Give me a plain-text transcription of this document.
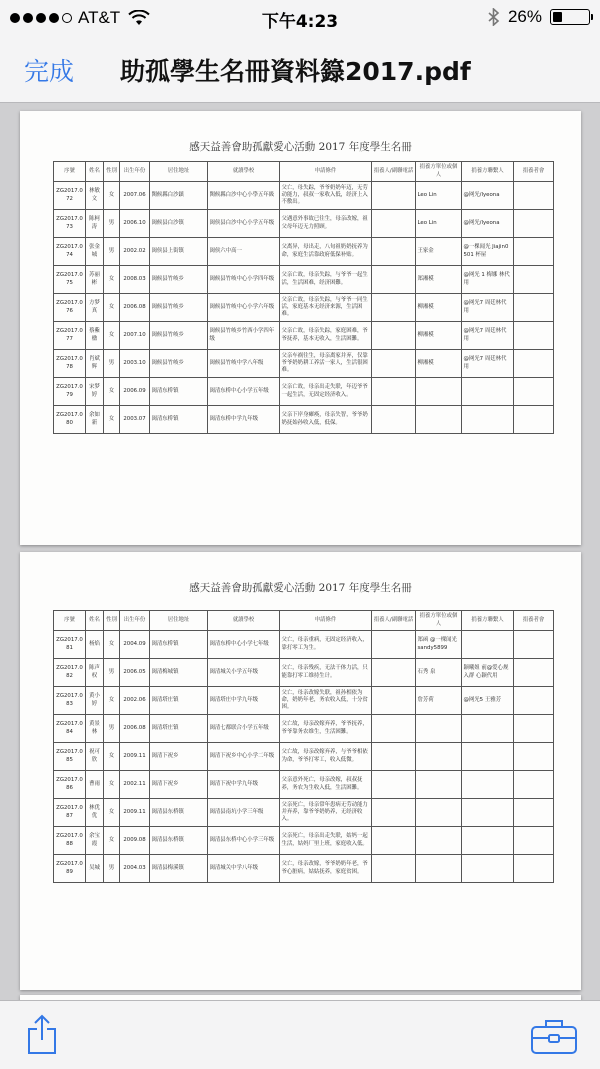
AT&T	下午4:23	26%
完成 助孤學生名冊資料籙2017.pdf
感天益善會助孤獻愛心活動 2017 年度學生名冊
序號	姓名	性別	出生年份	居住地址	就讀學校	申請條件	捐養人/副聯電話	捐養方單位或個人	捐養方聯繫人	捐養者會
ZG2017.072	林敏文	女	2007.06	閩候縣白沙鎮	閩候縣白沙中心小學五年級	父亡，母失踪，爷爷奶奶年迈，无劳动能力，叔叔一家收入低，经济上入不敷出。		Leo Lin	@网光/lyeona	
ZG2017.073	陈柯涛	男	2006.10	闽候县白沙镇	闽侯县白沙中心小学五年级	父遇意外事故已往生，母亲改嫁，祖父母年迈无力照顾。		Leo Lin	@网光/lyeona	
ZG2017.074	张金城	男	2002.02	闽侯县上街镇	闽侯六中高一	父离异，母出走，八旬祖奶奶抚养为命，家庭生活靠政府低保补贴。		王家金	@一棵闻光 Jiajin0501 杯屋	
ZG2017.075	苏丽彬	女	2008.03	闽候县竹岐乡	闽候县竹岐中心小学四年级	父亲亡故，母亲失踪，与爷爷一起生活，生活困难，经济困難。		郑湘模	@网光 1 梅娜 林代用	
ZG2017.076	方梦真	女	2006.08	闽候县竹岐乡	闽候县竹岐中心小学六年级	父亲亡故，母亲失踪，与爷爷一同生活，家庭基本无经济来源，生活困难。		柳湘模	@网光7 周廷林代用	
ZG2017.077	蔡紫楹	女	2007.10	闽候县竹岐乡	闽候县竹岐乡竹西小学四年级	父亲亡故，母亲失踪，家庭困难，爷爷抚养，基本无收入，生活困難。		柳湘模	@网光7 周廷林代用	
ZG2017.078	肖斌辉	男	2003.10	闽候县竹岐乡	闽候县竹岐中学八年级	父亲车祸往生，母亲离家并弃，仅靠爷爷奶奶耕工养活一家人，生活很困难。		柳湘模	@网光7 周廷林代用	
ZG2017.079	宋梦婷	女	2006.09	闽清东桥镇	闽清东桥中心小学五年级	父亲亡故，母亲出走失联，年迈爷爷一起生活，无固定经济收入。				
ZG2017.080	余如新	女	2003.07	闽清东桥镇	闽清东桥中学九年级	父亲下岸身瘫痪，母亲失智，爷爷奶奶抚始孙收入低，低保。				
感天益善會助孤獻愛心活動 2017 年度學生名冊
序號	姓名	性別	出生年份	居住地址	就讀學校	申請條件	捐養人/副聯電話	捐養方單位或個人	捐養方聯繫人	捐養者會
ZG2017.081	杨焰	女	2004.09	闽清东桥镇	闽清东桥中心小学七年级	父亡，母亲重病，无固定经济收入，靠打零工为生。		郑函 @一棵闻光 sandy5899		
ZG2017.082	陈声权	男	2006.05	闽清梅城镇	闽清城关小学五年级	父亡，母亲残疾，无法干体力活，只能靠打零工维持生计。		石秀 泉	颖曦姐 前@爱心规入群 心颖代用	
ZG2017.083	黄小婷	女	2002.06	闽清塔庄镇	闽清塔庄中学九年级	父亡，母亲改嫁失联，祖孙相依为命，奶奶年老，务农收入低，十分贫困。		詹芳荷	@网光5 王雅芳	
ZG2017.084	黄景林	男	2006.08	闽清塔庄镇	闽清七都联合小学五年级	父亡故，母亲改嫁弃养，爷爷抚养，爷爷靠务农维生，生活困難。				
ZG2017.085	祝可欣	女	2009.11	闽清下祝乡	闽清下祝乡中心小学二年级	父亡故，母亲改嫁弃养，与爷爷相依为命，爷爷打零工，收入低微。				
ZG2017.086	曹雨	女	2002.11	闽清下祝乡	闽清下祝中学九年级	父亲意外死亡，母亲改嫁，叔叔抚养，务农为生收入低，生活困難。				
ZG2017.087	林优优	女	2009.11	闽清县东桥镇	闽清县南坑小学三年级	父亲死亡，母亲常年患病无劳动能力并弃养，靠爷爷奶奶养，无经济收入。				
ZG2017.088	余宝霞	女	2009.08	闽清县东桥镇	闽清县东桥中心小学三年级	父亲死亡，母亲出走失联，姑妈一起生活，姑妈厂里上班，家庭收入低。				
ZG2017.089	吴城	男	2004.03	闽清县梅溪镇	闽清城关中学八年级	父亡，母亲改嫁，爷爷奶奶年老，爷爷心脏病，姑姑抚养，家庭贫困。				
